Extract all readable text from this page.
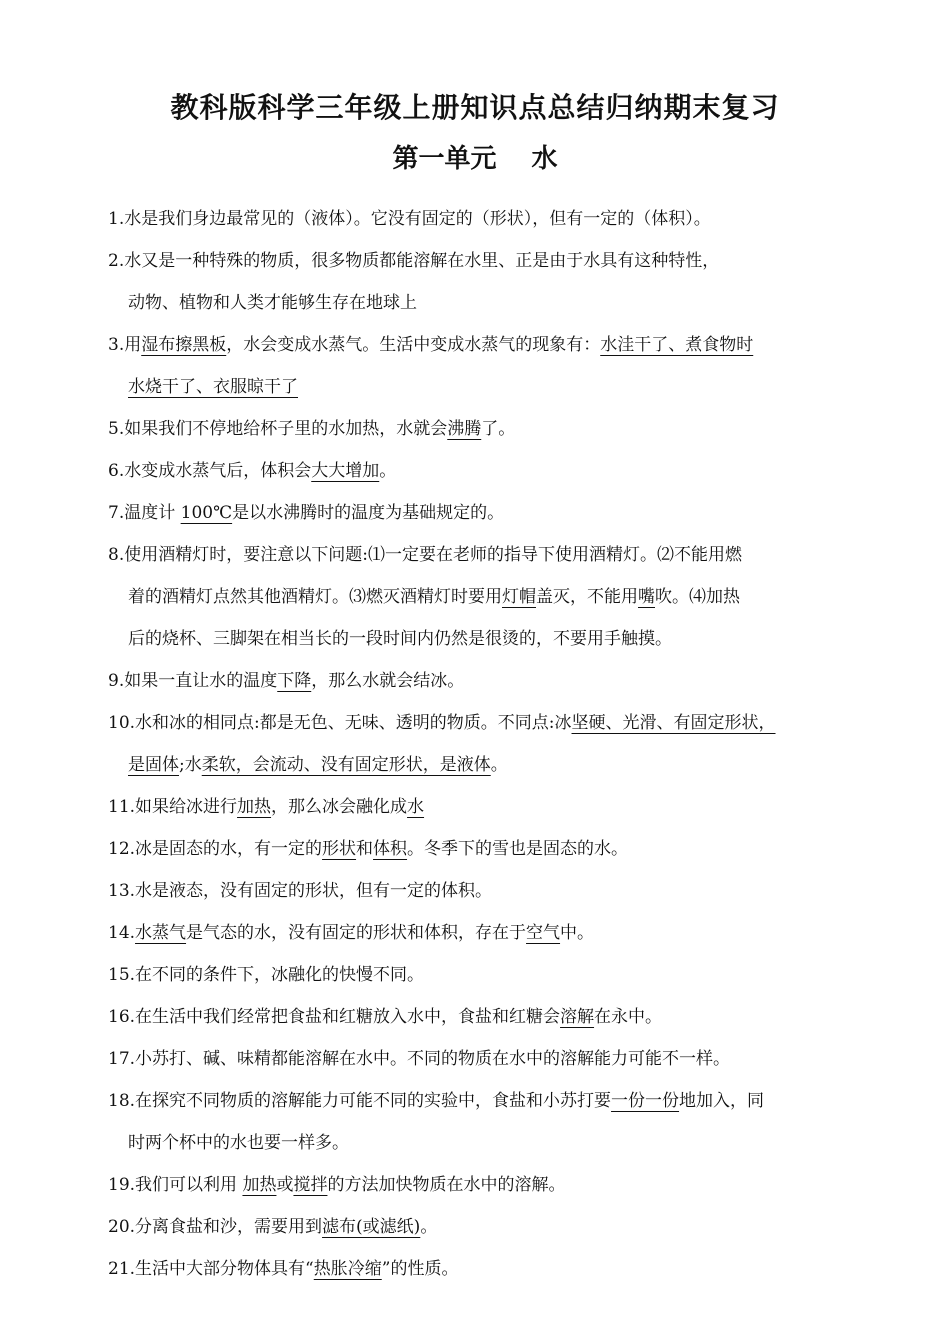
教科版科学三年级上册知识点总结归纳期末复习
第一单元　 水
1. 水是我们身边最常见的（液体）。它没有固定的（形状），但有一定的（体积）。
2. 水又是一种特殊的物质，很多物质都能溶解在水里、正是由于水具有这种特性，
动物、植物和人类才能够生存在地球上
3. 用湿布擦黑板，水会变成水蒸气。生活中变成水蒸气的现象有：水洼干了、煮食物时
水烧干了、衣服晾干了
5. 如果我们不停地给杯子里的水加热，水就会沸腾了。
6. 水变成水蒸气后，体积会大大增加。
7. 温度计 100℃是以水沸腾时的温度为基础规定的。
8. 使用酒精灯时，要注意以下问题:⑴一定要在老师的指导下使用酒精灯。⑵不能用燃
着的酒精灯点然其他酒精灯。⑶燃灭酒精灯时要用灯帽盖灭，不能用嘴吹。⑷加热
后的烧杯、三脚架在相当长的一段时间内仍然是很烫的，不要用手触摸。
9. 如果一直让水的温度下降，那么水就会结冰。
10. 水和冰的相同点:都是无色、无味、透明的物质。不同点:冰坚硬、光滑、有固定形状，
是固体;水柔软，会流动、没有固定形状，是液体。
11. 如果给冰进行加热，那么冰会融化成水
12. 冰是固态的水，有一定的形状和体积。冬季下的雪也是固态的水。
13. 水是液态，没有固定的形状，但有一定的体积。
14. 水蒸气是气态的水，没有固定的形状和体积，存在于空气中。
15. 在不同的条件下，冰融化的快慢不同。
16. 在生活中我们经常把食盐和红糖放入水中，食盐和红糖会溶解在永中。
17. 小苏打、碱、味精都能溶解在水中。不同的物质在水中的溶解能力可能不一样。
18. 在探究不同物质的溶解能力可能不同的实验中，食盐和小苏打要一份一份地加入，同
时两个杯中的水也要一样多。
19. 我们可以利用 加热或搅拌的方法加快物质在水中的溶解。
20. 分离食盐和沙，需要用到滤布(或滤纸)。
21. 生活中大部分物体具有“热胀冷缩”的性质。
